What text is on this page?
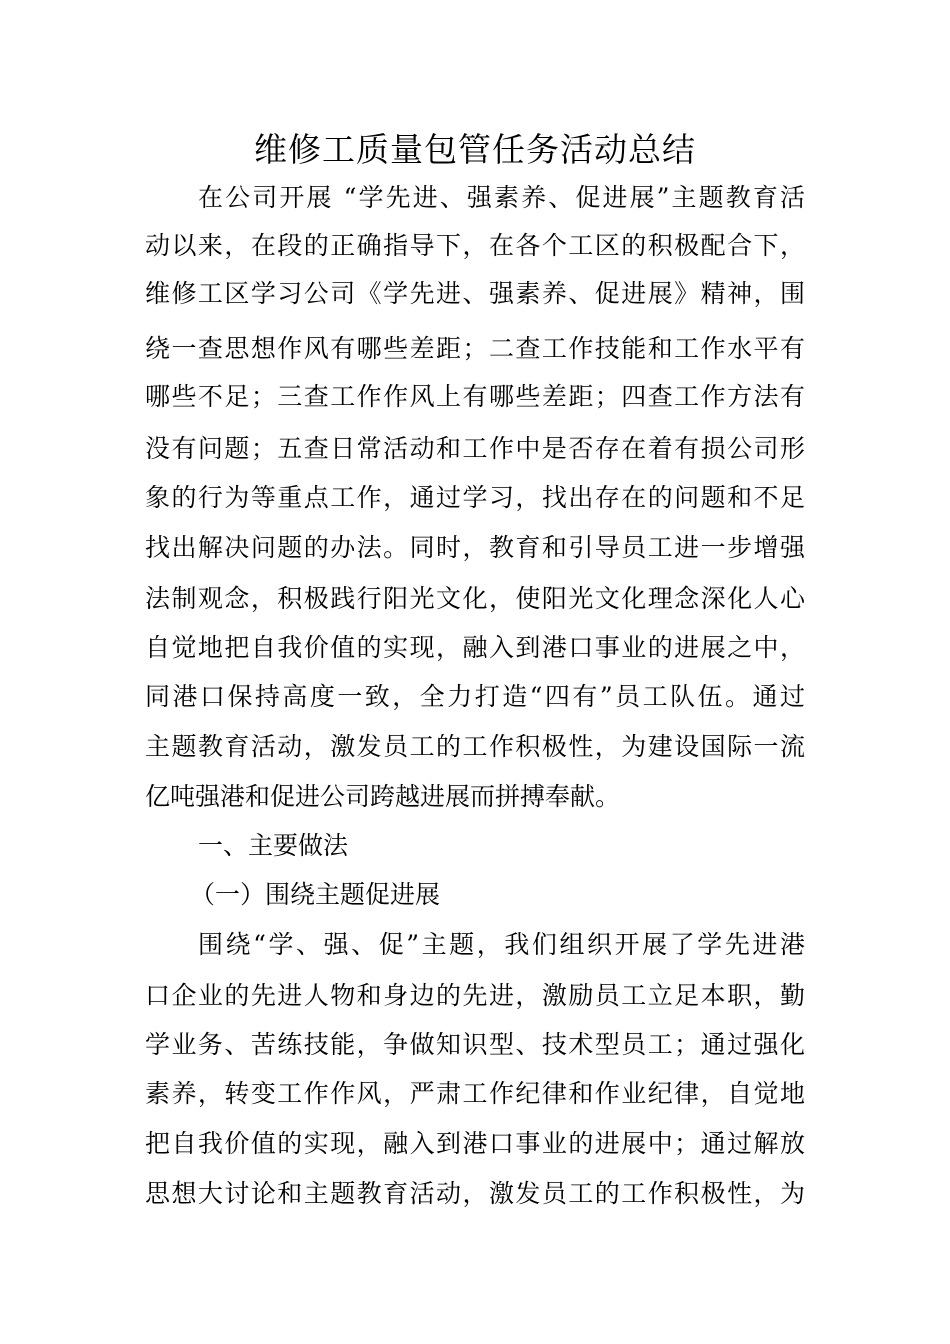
维修工质量包管任务活动总结
在公司开展 “学先进、强素养、促进展”主题教育活
动以来，在段的正确指导下，在各个工区的积极配合下，
维修工区学习公司《学先进、强素养、促进展》精神，围
绕一查思想作风有哪些差距；二查工作技能和工作水平有
哪些不足；三查工作作风上有哪些差距；四查工作方法有
没有问题；五查日常活动和工作中是否存在着有损公司形
象的行为等重点工作，通过学习，找出存在的问题和不足
找出解决问题的办法。同时，教育和引导员工进一步增强
法制观念，积极践行阳光文化，使阳光文化理念深化人心
自觉地把自我价值的实现，融入到港口事业的进展之中，
同港口保持高度一致，全力打造“四有”员工队伍。通过
主题教育活动，激发员工的工作积极性，为建设国际一流
亿吨强港和促进公司跨越进展而拼搏奉献。
一、主要做法
（一）围绕主题促进展
围绕“学、强、促”主题，我们组织开展了学先进港
口企业的先进人物和身边的先进，激励员工立足本职，勤
学业务、苦练技能，争做知识型、技术型员工；通过强化
素养，转变工作作风，严肃工作纪律和作业纪律，自觉地
把自我价值的实现，融入到港口事业的进展中；通过解放
思想大讨论和主题教育活动，激发员工的工作积极性，为
